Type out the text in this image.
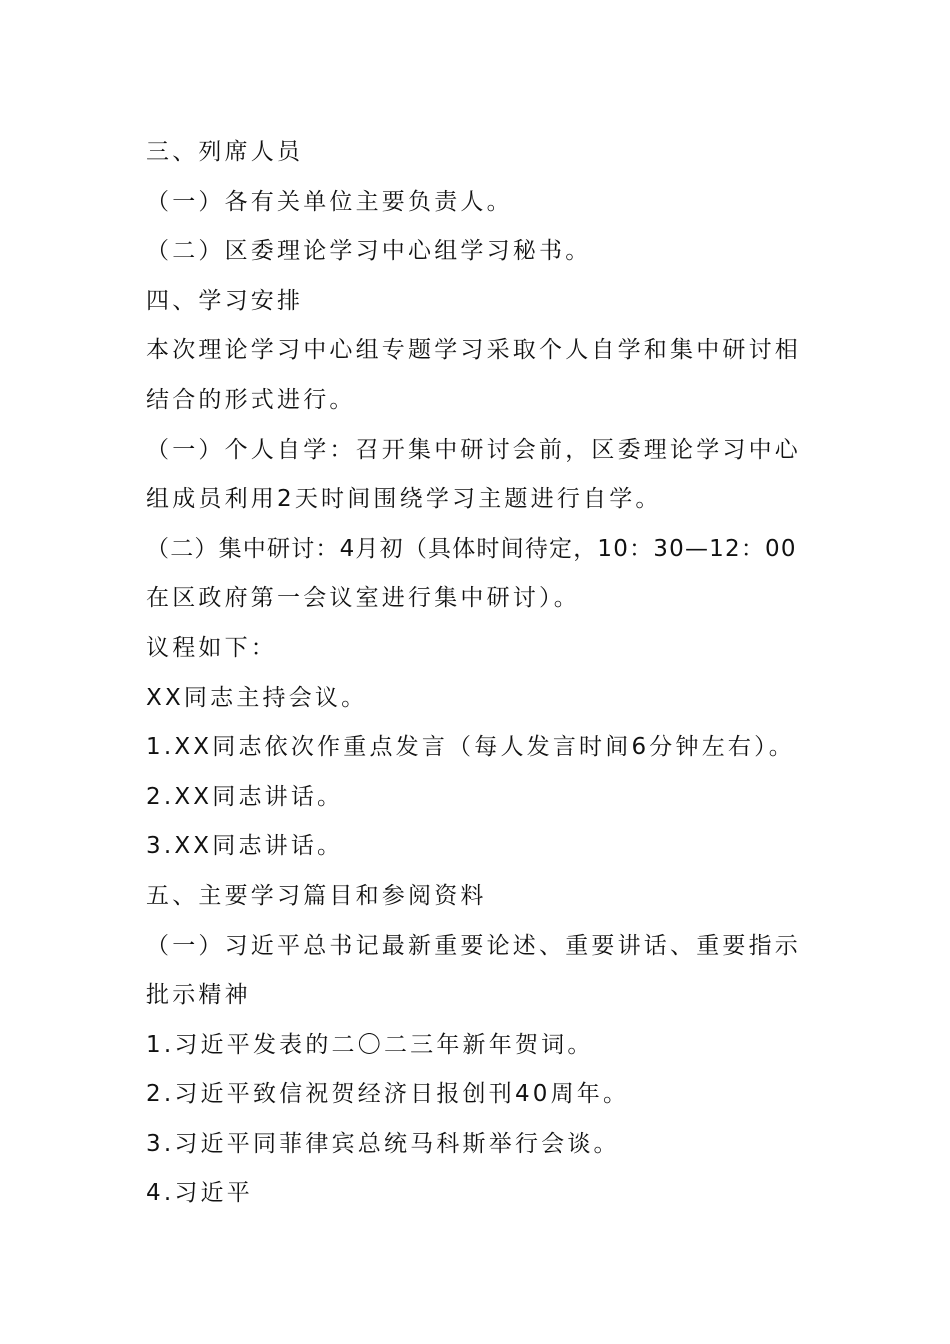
三、列席人员
（一）各有关单位主要负责人。
（二）区委理论学习中心组学习秘书。
四、学习安排
本次理论学习中心组专题学习采取个人自学和集中研讨相
结合的形式进行。
（一）个人自学：召开集中研讨会前，区委理论学习中心
组成员利用2天时间围绕学习主题进行自学。
（二）集中研讨：4月初（具体时间待定，10：30—12：00
在区政府第一会议室进行集中研讨）。
议程如下：
XX同志主持会议。
1.XX同志依次作重点发言（每人发言时间6分钟左右）。
2.XX同志讲话。
3.XX同志讲话。
五、主要学习篇目和参阅资料
（一）习近平总书记最新重要论述、重要讲话、重要指示
批示精神
1.习近平发表的二〇二三年新年贺词。
2.习近平致信祝贺经济日报创刊40周年。
3.习近平同菲律宾总统马科斯举行会谈。
4.习近平
